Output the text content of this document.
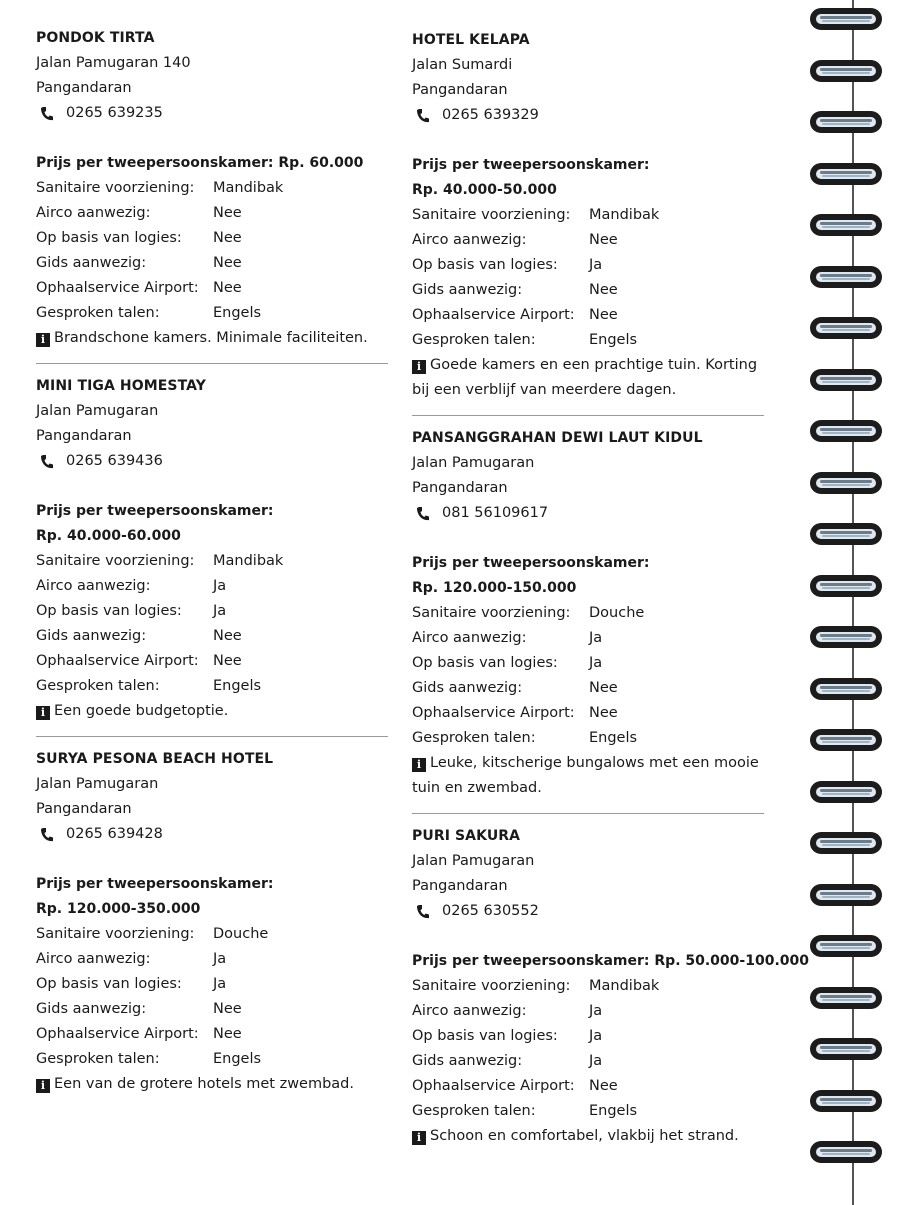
PONDOK TIRTA
Jalan Pamugaran 140
Pangandaran
0265 639235
Prijs per tweepersoonskamer: Rp. 60.000
Sanitaire voorziening:	Mandibak
Airco aanwezig:	Nee
Op basis van logies:	Nee
Gids aanwezig:	Nee
Ophaalservice Airport: Nee
Gesproken talen:	Engels
i Brandschone kamers. Minimale faciliteiten.
MINI TIGA HOMESTAY
Jalan Pamugaran
Pangandaran
0265 639436
Prijs per tweepersoonskamer:
Rp. 40.000-60.000
Sanitaire voorziening:	Mandibak
Airco aanwezig:	Ja
Op basis van logies:	Ja
Gids aanwezig:	Nee
Ophaalservice Airport: Nee
Gesproken talen:	Engels
i Een goede budgetoptie.
SURYA PESONA BEACH HOTEL
Jalan Pamugaran
Pangandaran
0265 639428
Prijs per tweepersoonskamer:
Rp. 120.000-350.000
Sanitaire voorziening:	Douche
Airco aanwezig:	Ja
Op basis van logies:	Ja
Gids aanwezig:	Nee
Ophaalservice Airport: Nee
Gesproken talen:	Engels
i Een van de grotere hotels met zwembad.
HOTEL KELAPA
Jalan Sumardi
Pangandaran
0265 639329
Prijs per tweepersoonskamer:
Rp. 40.000-50.000
Sanitaire voorziening:	Mandibak
Airco aanwezig:	Nee
Op basis van logies:	Ja
Gids aanwezig:	Nee
Ophaalservice Airport: Nee
Gesproken talen:	Engels
i Goede kamers en een prachtige tuin. Korting bij een verblijf van meerdere dagen.
PANSANGGRAHAN DEWI LAUT KIDUL
Jalan Pamugaran
Pangandaran
081 56109617
Prijs per tweepersoonskamer:
Rp. 120.000-150.000
Sanitaire voorziening:	Douche
Airco aanwezig:	Ja
Op basis van logies:	Ja
Gids aanwezig:	Nee
Ophaalservice Airport: Nee
Gesproken talen:	Engels
i Leuke, kitscherige bungalows met een mooie tuin en zwembad.
PURI SAKURA
Jalan Pamugaran
Pangandaran
0265 630552
Prijs per tweepersoonskamer: Rp. 50.000-100.000
Sanitaire voorziening:	Mandibak
Airco aanwezig:	Ja
Op basis van logies:	Ja
Gids aanwezig:	Ja
Ophaalservice Airport: Nee
Gesproken talen:	Engels
i Schoon en comfortabel, vlakbij het strand.
